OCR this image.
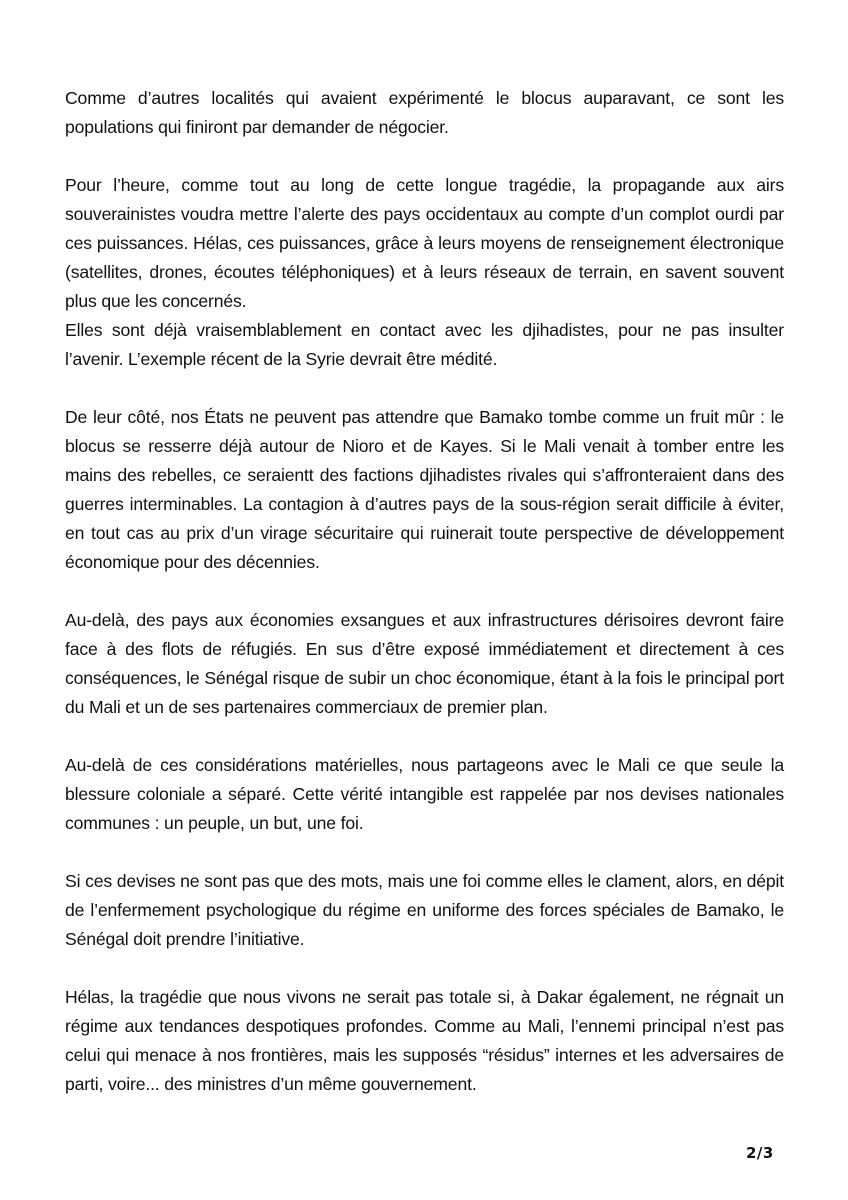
Comme d’autres localités qui avaient expérimenté le blocus auparavant, ce sont les populations qui finiront par demander de négocier.

Pour l’heure, comme tout au long de cette longue tragédie, la propagande aux airs souverainistes voudra mettre l’alerte des pays occidentaux au compte d’un complot ourdi par ces puissances. Hélas, ces puissances, grâce à leurs moyens de renseignement électronique (satellites, drones, écoutes téléphoniques) et à leurs réseaux de terrain, en savent souvent plus que les concernés.

Elles sont déjà vraisemblablement en contact avec les djihadistes, pour ne pas insulter l’avenir. L’exemple récent de la Syrie devrait être médité.

De leur côté, nos États ne peuvent pas attendre que Bamako tombe comme un fruit mûr : le blocus se resserre déjà autour de Nioro et de Kayes. Si le Mali venait à tomber entre les mains des rebelles, ce seraientt des factions djihadistes rivales qui s’affronteraient dans des guerres interminables. La contagion à d’autres pays de la sous-région serait difficile à éviter, en tout cas au prix d’un virage sécuritaire qui ruinerait toute perspective de développement économique pour des décennies.

Au-delà, des pays aux économies exsangues et aux infrastructures dérisoires devront faire face à des flots de réfugiés. En sus d’être exposé immédiatement et directement à ces conséquences, le Sénégal risque de subir un choc économique, étant à la fois le principal port du Mali et un de ses partenaires commerciaux de premier plan.

Au-delà de ces considérations matérielles, nous partageons avec le Mali ce que seule la blessure coloniale a séparé. Cette vérité intangible est rappelée par nos devises nationales communes : un peuple, un but, une foi.

Si ces devises ne sont pas que des mots, mais une foi comme elles le clament, alors, en dépit de l’enfermement psychologique du régime en uniforme des forces spéciales de Bamako, le Sénégal doit prendre l’initiative.

Hélas, la tragédie que nous vivons ne serait pas totale si, à Dakar également, ne régnait un régime aux tendances despotiques profondes. Comme au Mali, l’ennemi principal n’est pas celui qui menace à nos frontières, mais les supposés “résidus” internes et les adversaires de parti, voire... des ministres d’un même gouvernement.

2/3
